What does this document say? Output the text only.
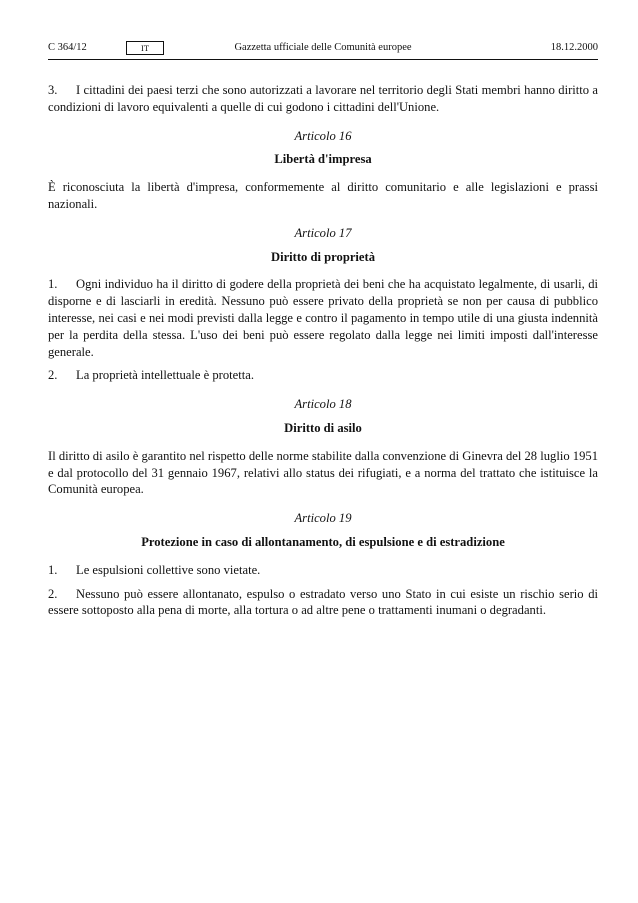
C 364/12	IT	Gazzetta ufficiale delle Comunità europee	18.12.2000

3. I cittadini dei paesi terzi che sono autorizzati a lavorare nel territorio degli Stati membri hanno diritto a condizioni di lavoro equivalenti a quelle di cui godono i cittadini dell'Unione.

Articolo 16
Libertà d'impresa

È riconosciuta la libertà d'impresa, conformemente al diritto comunitario e alle legislazioni e prassi nazionali.

Articolo 17
Diritto di proprietà

1. Ogni individuo ha il diritto di godere della proprietà dei beni che ha acquistato legalmente, di usarli, di disporne e di lasciarli in eredità. Nessuno può essere privato della proprietà se non per causa di pubblico interesse, nei casi e nei modi previsti dalla legge e contro il pagamento in tempo utile di una giusta indennità per la perdita della stessa. L'uso dei beni può essere regolato dalla legge nei limiti imposti dall'interesse generale.

2. La proprietà intellettuale è protetta.

Articolo 18
Diritto di asilo

Il diritto di asilo è garantito nel rispetto delle norme stabilite dalla convenzione di Ginevra del 28 luglio 1951 e dal protocollo del 31 gennaio 1967, relativi allo status dei rifugiati, e a norma del trattato che istituisce la Comunità europea.

Articolo 19
Protezione in caso di allontanamento, di espulsione e di estradizione

1. Le espulsioni collettive sono vietate.

2. Nessuno può essere allontanato, espulso o estradato verso uno Stato in cui esiste un rischio serio di essere sottoposto alla pena di morte, alla tortura o ad altre pene o trattamenti inumani o degradanti.
